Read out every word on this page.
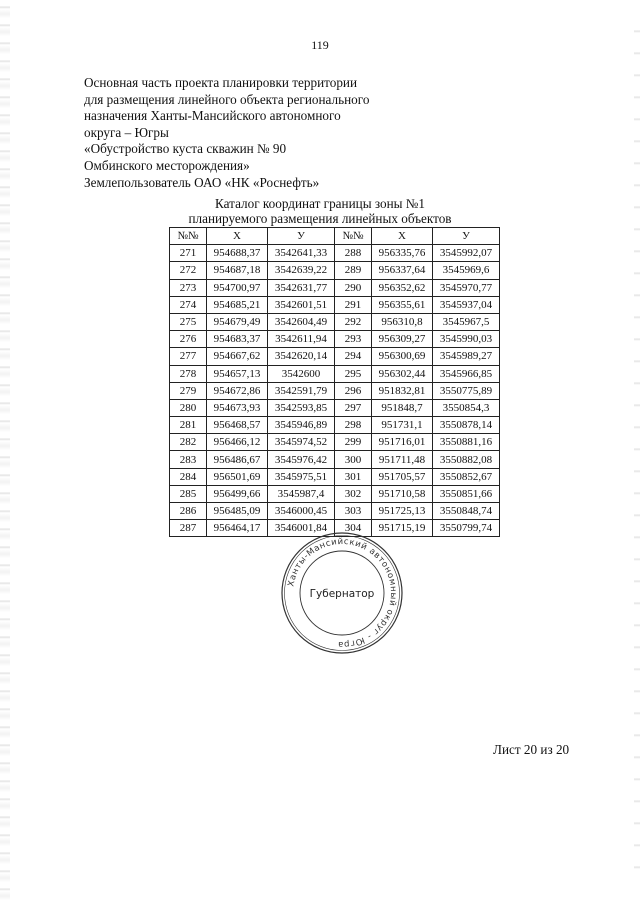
119
Основная часть проекта планировки территории
для размещения линейного объекта регионального
назначения Ханты-Мансийского автономного
округа – Югры
«Обустройство куста скважин № 90
Омбинского месторождения»
Землепользователь ОАО «НК «Роснефть»
Каталог координат границы зоны №1
планируемого размещения линейных объектов
№№	X	У	№№	X	У
271	954688,37	3542641,33	288	956335,76	3545992,07
272	954687,18	3542639,22	289	956337,64	3545969,6
273	954700,97	3542631,77	290	956352,62	3545970,77
274	954685,21	3542601,51	291	956355,61	3545937,04
275	954679,49	3542604,49	292	956310,8	3545967,5
276	954683,37	3542611,94	293	956309,27	3545990,03
277	954667,62	3542620,14	294	956300,69	3545989,27
278	954657,13	3542600	295	956302,44	3545966,85
279	954672,86	3542591,79	296	951832,81	3550775,89
280	954673,93	3542593,85	297	951848,7	3550854,3
281	956468,57	3545946,89	298	951731,1	3550878,14
282	956466,12	3545974,52	299	951716,01	3550881,16
283	956486,67	3545976,42	300	951711,48	3550882,08
284	956501,69	3545975,51	301	951705,57	3550852,67
285	956499,66	3545987,4	302	951710,58	3550851,66
286	956485,09	3546000,45	303	951725,13	3550848,74
287	956464,17	3546001,84	304	951715,19	3550799,74
Ханты-Мансийский автономный округ - Югра
Губернатор
Лист 20 из 20
